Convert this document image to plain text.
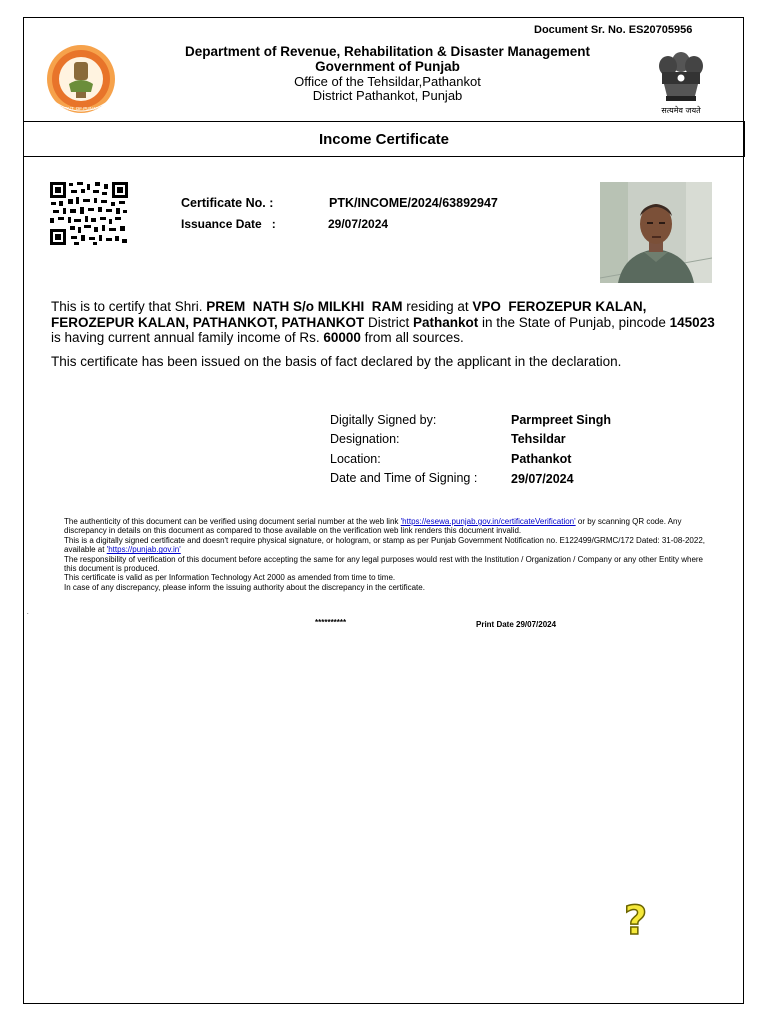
Document Sr. No. ES20705956
GOVT. OF PUNJAB
Department of Revenue, Rehabilitation & Disaster Management
Government of Punjab
Office of the Tehsildar,Pathankot
District Pathankot, Punjab
सत्यमेव जयते
Income Certificate
Certificate No. :	PTK/INCOME/2024/63892947
Issuance Date   :	29/07/2024
This is to certify that Shri. PREM  NATH S/o MILKHI  RAM residing at VPO  FEROZEPUR KALAN, FEROZEPUR KALAN, PATHANKOT, PATHANKOT District Pathankot in the State of Punjab, pincode 145023 is having current annual family income of Rs. 60000 from all sources.
This certificate has been issued on the basis of fact declared by the applicant in the declaration.
Digitally Signed by:	Parmpreet Singh
Designation:	Tehsildar
Location:	Pathankot
Date and Time of Signing :	29/07/2024
The authenticity of this document can be verified using document serial number at the web link 'https://esewa.punjab.gov.in/certificateVerification' or by scanning QR code. Any discrepancy in details on this document as compared to those available on the verification web link renders this document invalid.
This is a digitally signed certificate and doesn't require physical signature, or hologram, or stamp as per Punjab Government Notification no. E122499/GRMC/172 Dated: 31-08-2022, available at 'https://punjab.gov.in'
The responsibility of verification of this document before accepting the same for any legal purposes would rest with the Institution / Organization / Company or any other Entity where this document is produced.
This certificate is valid as per Information Technology Act 2000 as amended from time to time.
In case of any discrepancy, please inform the issuing authority about the discrepancy in the certificate.
.
**********	Print Date 29/07/2024
?
